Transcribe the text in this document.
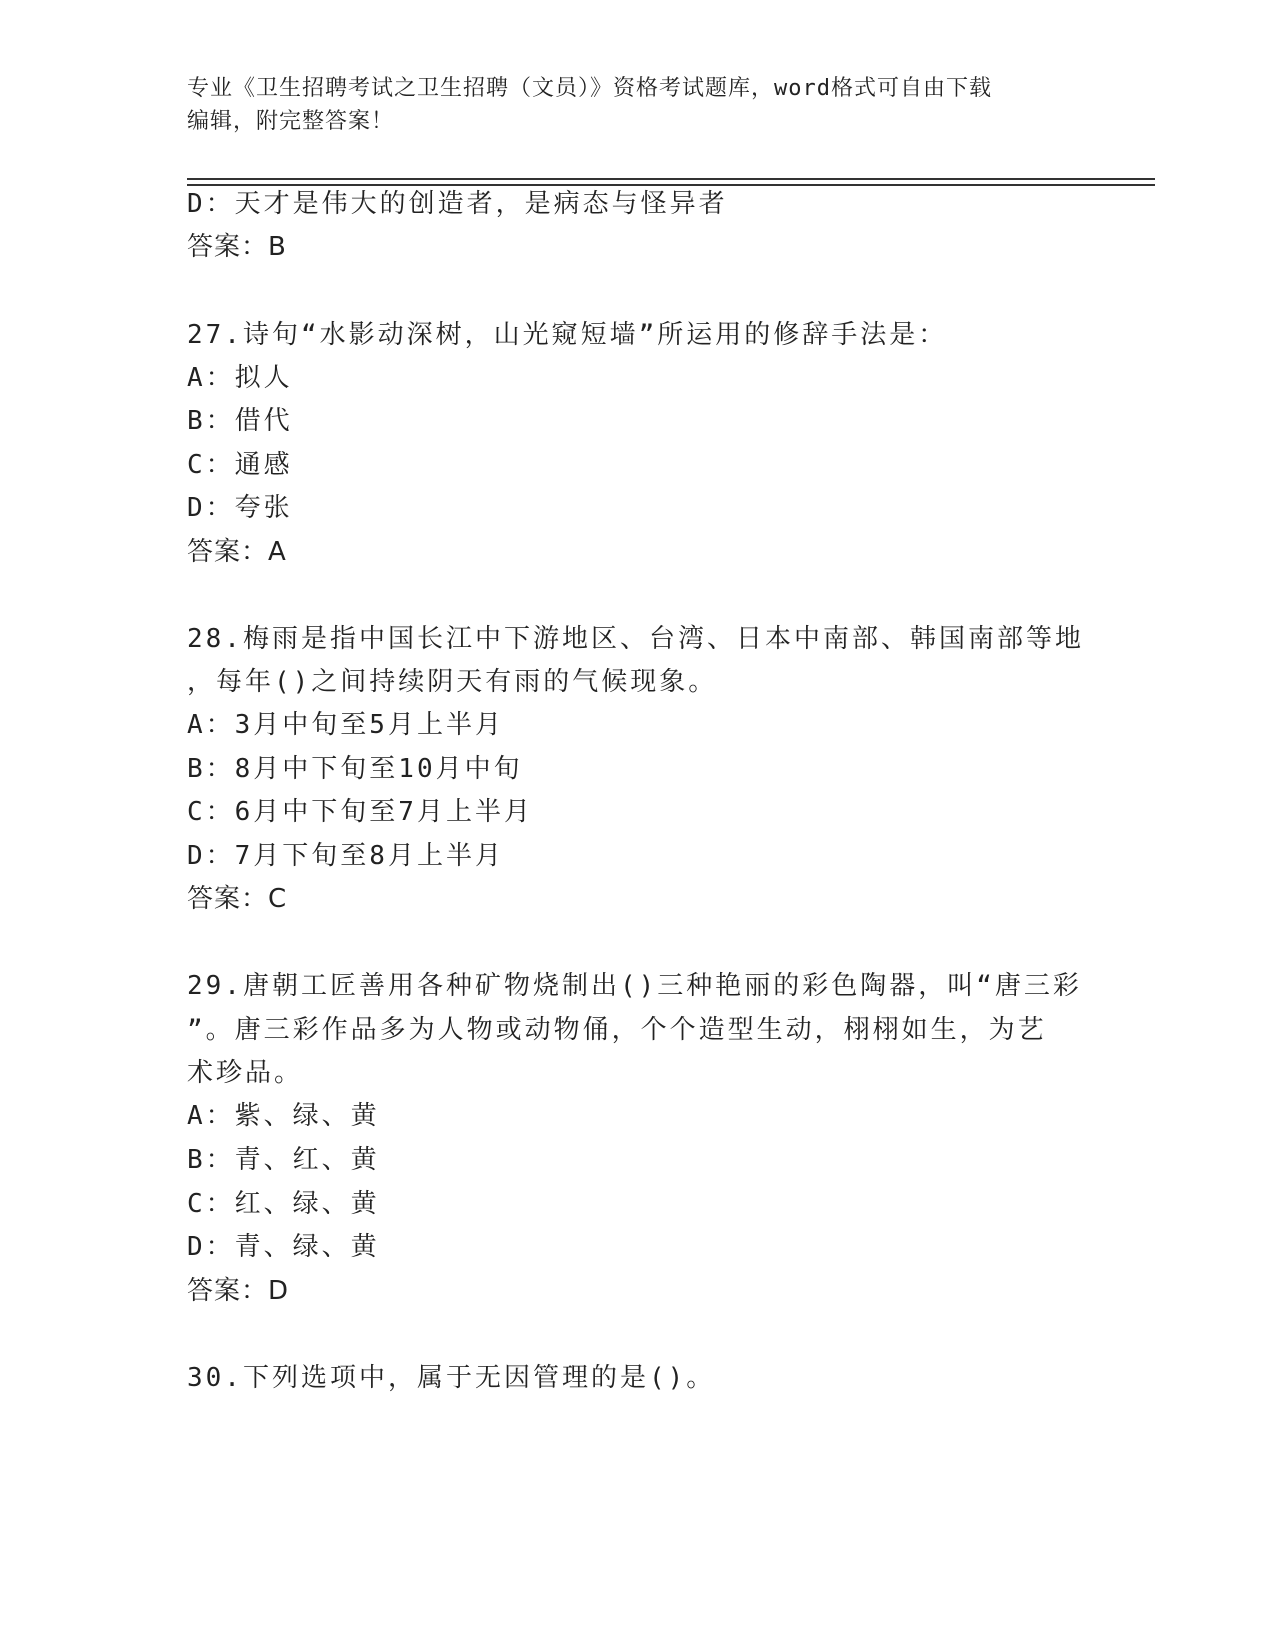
专业《卫生招聘考试之卫生招聘（文员）》资格考试题库，word格式可自由下载
编辑，附完整答案！
D：天才是伟大的创造者，是病态与怪异者
答案：B
27.诗句“水影动深树，山光窥短墙”所运用的修辞手法是：
A：拟人
B：借代
C：通感
D：夸张
答案：A
28.梅雨是指中国长江中下游地区、台湾、日本中南部、韩国南部等地
，每年()之间持续阴天有雨的气候现象。
A：3月中旬至5月上半月
B：8月中下旬至10月中旬
C：6月中下旬至7月上半月
D：7月下旬至8月上半月
答案：C
29.唐朝工匠善用各种矿物烧制出()三种艳丽的彩色陶器，叫“唐三彩
”。唐三彩作品多为人物或动物俑，个个造型生动，栩栩如生，为艺
术珍品。
A：紫、绿、黄
B：青、红、黄
C：红、绿、黄
D：青、绿、黄
答案：D
30.下列选项中，属于无因管理的是()。
